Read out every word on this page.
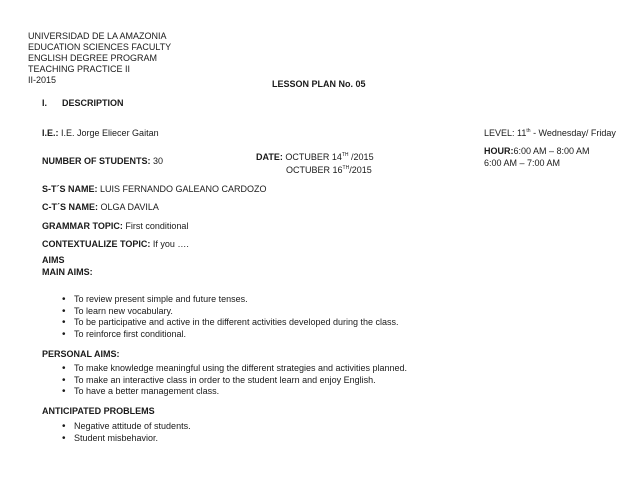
UNIVERSIDAD DE LA AMAZONIA
EDUCATION SCIENCES FACULTY
ENGLISH DEGREE PROGRAM
TEACHING PRACTICE II
II-2015	LESSON PLAN No. 05
I. DESCRIPTION
I.E.: I.E. Jorge Eliecer Gaitan	LEVEL: 11th - Wednesday/ Friday
HOUR:6:00 AM – 8:00 AM
6:00 AM – 7:00 AM
DATE: OCTUBER 14TH /2015
OCTUBER 16TH/2015
NUMBER OF STUDENTS: 30
S-T´S NAME: LUIS FERNANDO GALEANO CARDOZO
C-T´S NAME: OLGA DAVILA
GRAMMAR TOPIC: First conditional
CONTEXTUALIZE TOPIC: If you ….
AIMS
MAIN AIMS:
• To review present simple and future tenses.
• To learn new vocabulary.
• To be participative and active in the different activities developed during the class.
• To reinforce first conditional.
PERSONAL AIMS:
• To make knowledge meaningful using the different strategies and activities planned.
• To make an interactive class in order to the student learn and enjoy English.
• To have a better management class.
ANTICIPATED PROBLEMS
• Negative attitude of students.
• Student misbehavior.
